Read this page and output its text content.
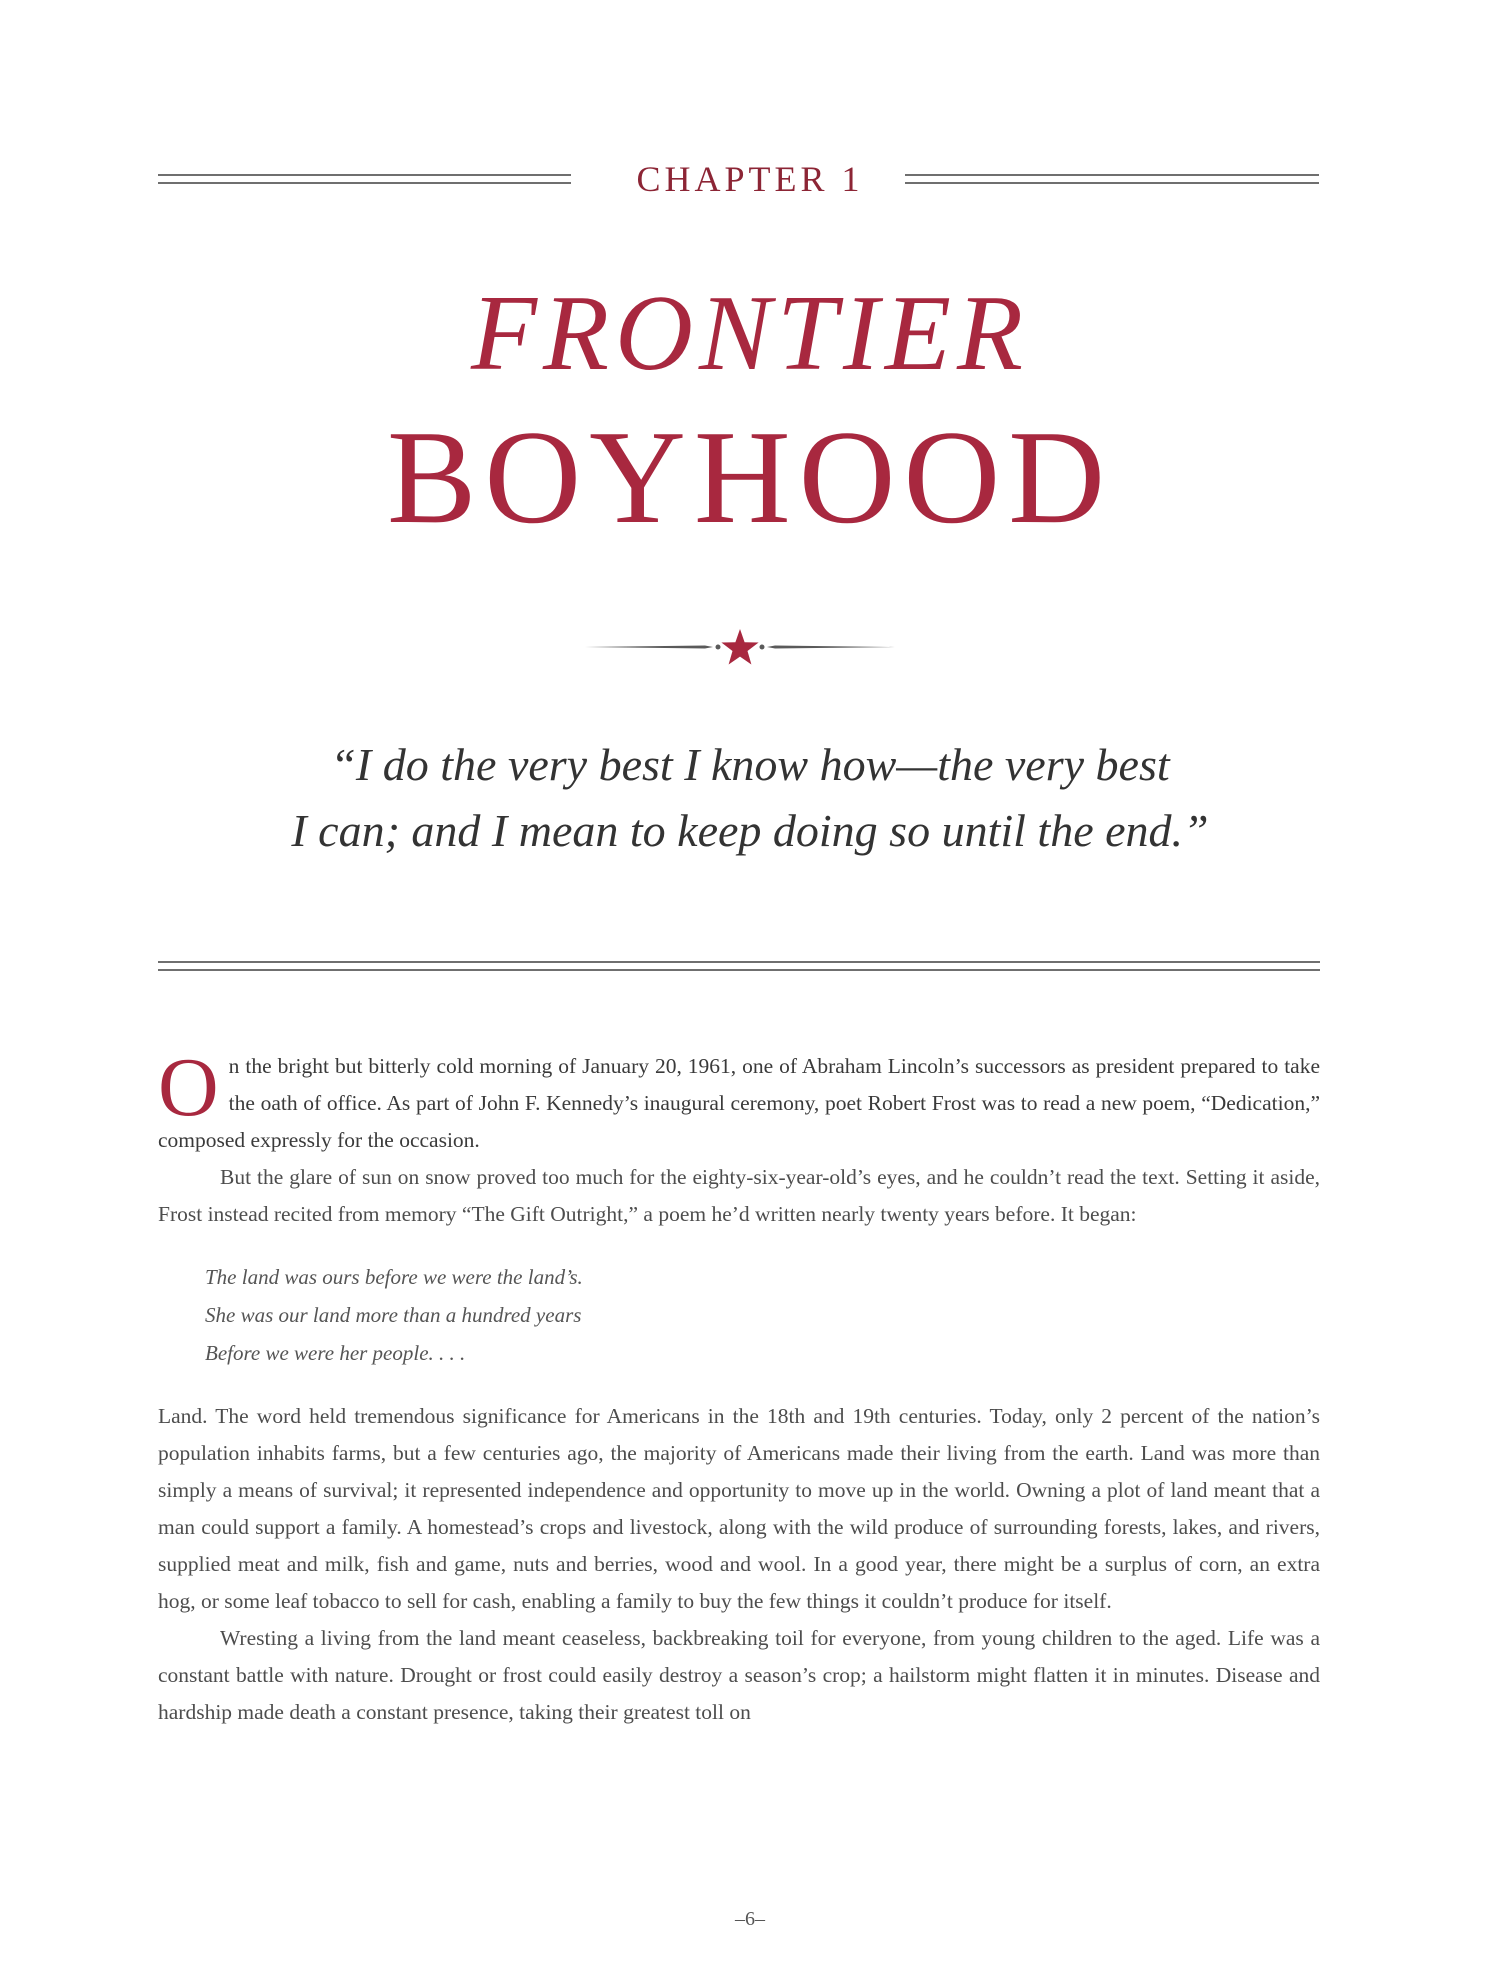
CHAPTER 1
FRONTIER
BOYHOOD
“I do the very best I know how—the very best
I can; and I mean to keep doing so until the end.”

On the bright but bitterly cold morning of January 20, 1961, one of Abraham Lincoln’s successors as president prepared to take the oath of office. As part of John F. Kennedy’s inaugural ceremony, poet Robert Frost was to read a new poem, “Dedication,” composed expressly for the occasion.

But the glare of sun on snow proved too much for the eighty-six-year-old’s eyes, and he couldn’t read the text. Setting it aside, Frost instead recited from memory “The Gift Outright,” a poem he’d written nearly twenty years before. It began:

The land was ours before we were the land’s.
She was our land more than a hundred years
Before we were her people. . . .

Land. The word held tremendous significance for Americans in the 18th and 19th centuries. Today, only 2 percent of the nation’s population inhabits farms, but a few centuries ago, the majority of Americans made their living from the earth. Land was more than simply a means of survival; it represented independence and opportunity to move up in the world. Owning a plot of land meant that a man could support a family. A homestead’s crops and livestock, along with the wild produce of surrounding forests, lakes, and rivers, supplied meat and milk, fish and game, nuts and berries, wood and wool. In a good year, there might be a surplus of corn, an extra hog, or some leaf tobacco to sell for cash, enabling a family to buy the few things it couldn’t produce for itself.

Wresting a living from the land meant ceaseless, backbreaking toil for everyone, from young children to the aged. Life was a constant battle with nature. Drought or frost could easily destroy a season’s crop; a hailstorm might flatten it in minutes. Disease and hardship made death a constant presence, taking their greatest toll on

–6–
